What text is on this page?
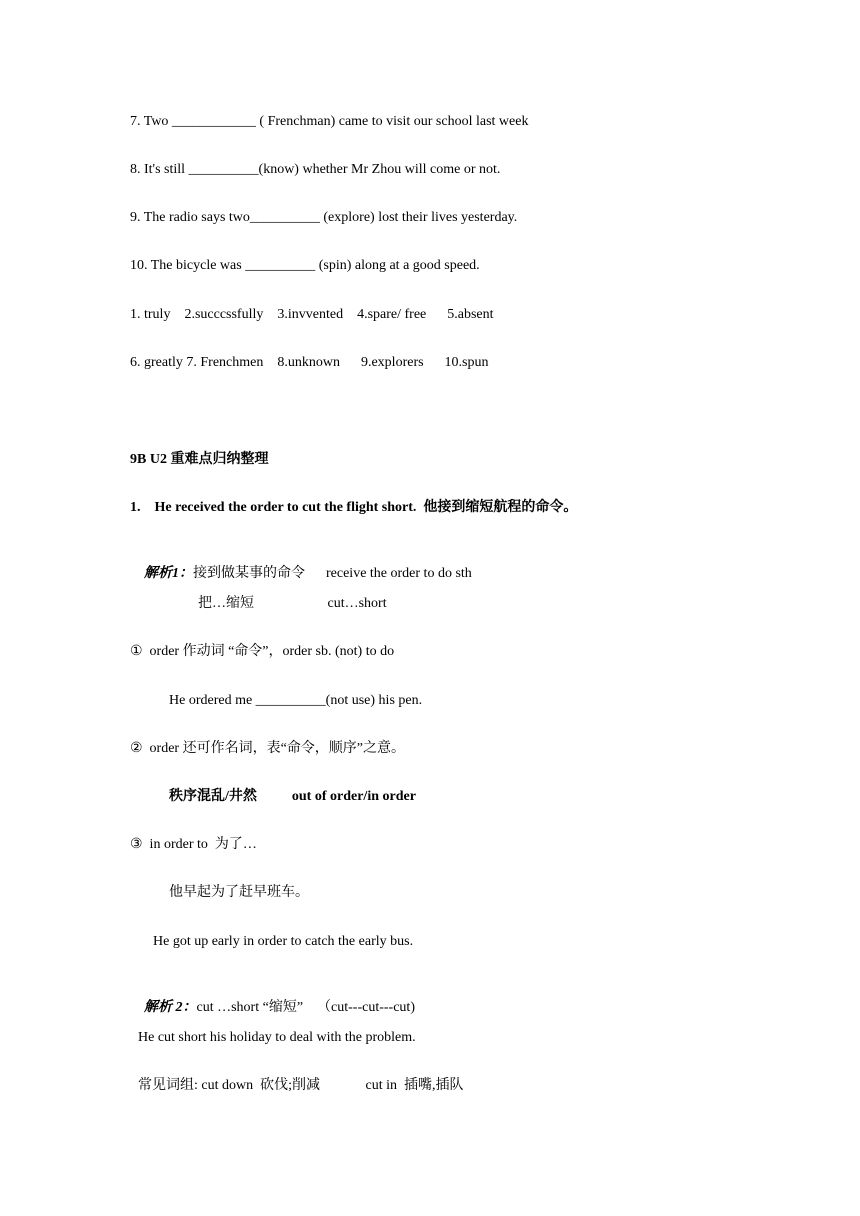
7. Two ____________ ( Frenchman) came to visit our school last week
8. It's still __________(know) whether Mr Zhou will come or not.
9. The radio says two__________ (explore) lost their lives yesterday.
10. The bicycle was __________ (spin) along at a good speed.
1. truly    2.succcssfully    3.invvented    4.spare/ free      5.absent
6. greatly 7. Frenchmen    8.unknown      9.explorers      10.spun
9B U2 重难点归纳整理
1.    He received the order to cut the flight short.  他接到缩短航程的命令。

解析1：接到做某事的命令      receive the order to do sth

把…缩短                     cut…short
①  order 作动词 “命令”，order sb. (not) to do
He ordered me __________(not use) his pen.
②  order 还可作名词，表“命令，顺序”之意。
秩序混乱/井然          out of order/in order
③  in order to  为了…
他早起为了赶早班车。
He got up early in order to catch the early bus.

解析 2：cut …short “缩短”    （cut---cut---cut)

He cut short his holiday to deal with the problem.
常见词组: cut down  砍伐;削减             cut in  插嘴,插队
